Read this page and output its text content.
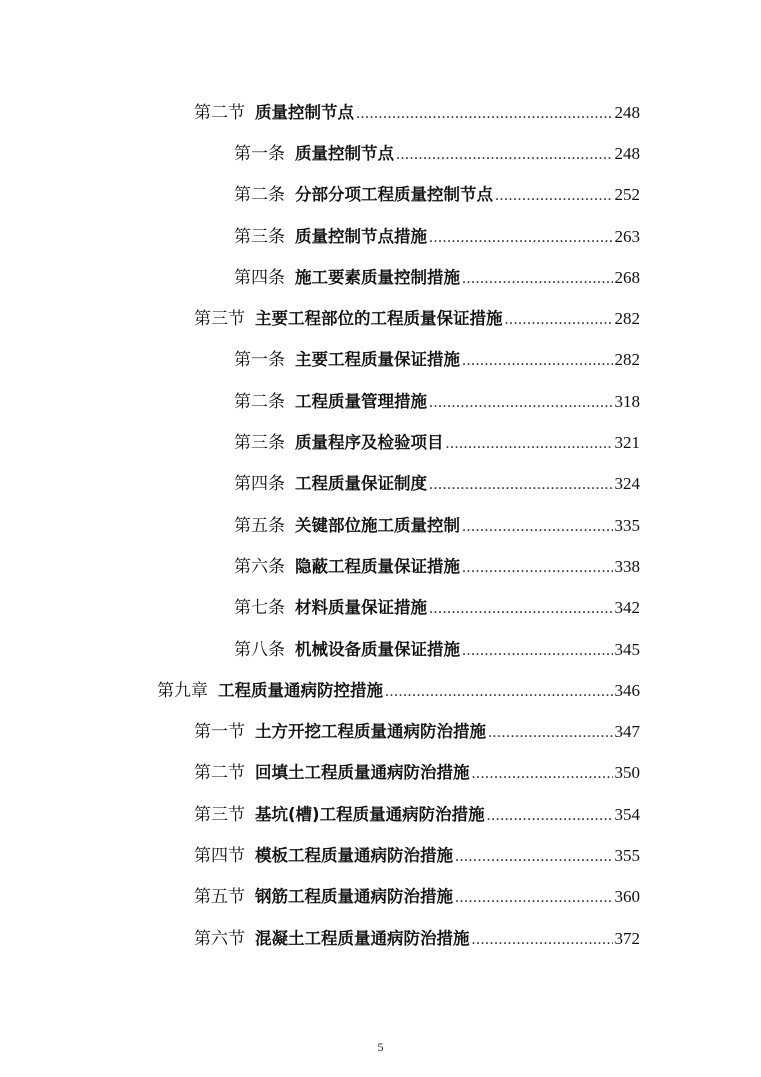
第二节 质量控制节点 .....	248
第一条 质量控制节点 .....	248
第二条 分部分项工程质量控制节点 .....	252
第三条 质量控制节点措施 .....	263
第四条 施工要素质量控制措施 .....	268
第三节 主要工程部位的工程质量保证措施 .....	282
第一条 主要工程质量保证措施 .....	282
第二条 工程质量管理措施 .....	318
第三条 质量程序及检验项目 .....	321
第四条 工程质量保证制度 .....	324
第五条 关键部位施工质量控制 .....	335
第六条 隐蔽工程质量保证措施 .....	338
第七条 材料质量保证措施 .....	342
第八条 机械设备质量保证措施 .....	345
第九章 工程质量通病防控措施 .....	346
第一节 土方开挖工程质量通病防治措施 .....	347
第二节 回填土工程质量通病防治措施 .....	350
第三节 基坑(槽)工程质量通病防治措施 .....	354
第四节 模板工程质量通病防治措施 .....	355
第五节 钢筋工程质量通病防治措施 .....	360
第六节 混凝土工程质量通病防治措施 .....	372
5
